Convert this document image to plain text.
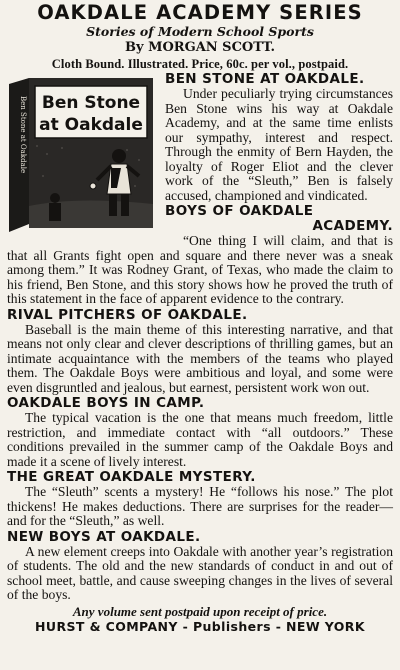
OAKDALE ACADEMY SERIES
Stories of Modern School Sports
By MORGAN SCOTT.
Cloth Bound. Illustrated. Price, 60c. per vol., postpaid.
Ben Stone at Oakdale Ben Stone
at Oakdale
BEN STONE AT OAKDALE.

Under peculiarly trying circumstances Ben Stone wins his way at Oakdale Academy, and at the same time enlists our sympathy, interest and respect. Through the enmity of Bern Hayden, the loyalty of Roger Eliot and the clever work of the “Sleuth,” Ben is falsely accused, championed and vindicated.

BOYS OF OAKDALE
ACADEMY.

“One thing I will claim, and that is that all Grants fight open and square and there never was a sneak among them.” It was Rodney Grant, of Texas, who made the claim to his friend, Ben Stone, and this story shows how he proved the truth of this statement in the face of apparent evidence to the contrary.

RIVAL PITCHERS OF OAKDALE.

Baseball is the main theme of this interesting narrative, and that means not only clear and clever descriptions of thrilling games, but an intimate acquaintance with the members of the teams who played them. The Oakdale Boys were ambitious and loyal, and some were even disgruntled and jealous, but earnest, persistent work won out.

OAKDALE BOYS IN CAMP.

The typical vacation is the one that means much freedom, little restriction, and immediate contact with “all outdoors.” These conditions prevailed in the summer camp of the Oakdale Boys and made it a scene of lively interest.

THE GREAT OAKDALE MYSTERY.

The “Sleuth” scents a mystery! He “follows his nose.” The plot thickens! He makes deductions. There are surprises for the reader—and for the “Sleuth,” as well.

NEW BOYS AT OAKDALE.

A new element creeps into Oakdale with another year’s registration of students. The old and the new standards of conduct in and out of school meet, battle, and cause sweeping changes in the lives of several of the boys.

Any volume sent postpaid upon receipt of price.
HURST & COMPANY - Publishers - NEW YORK
